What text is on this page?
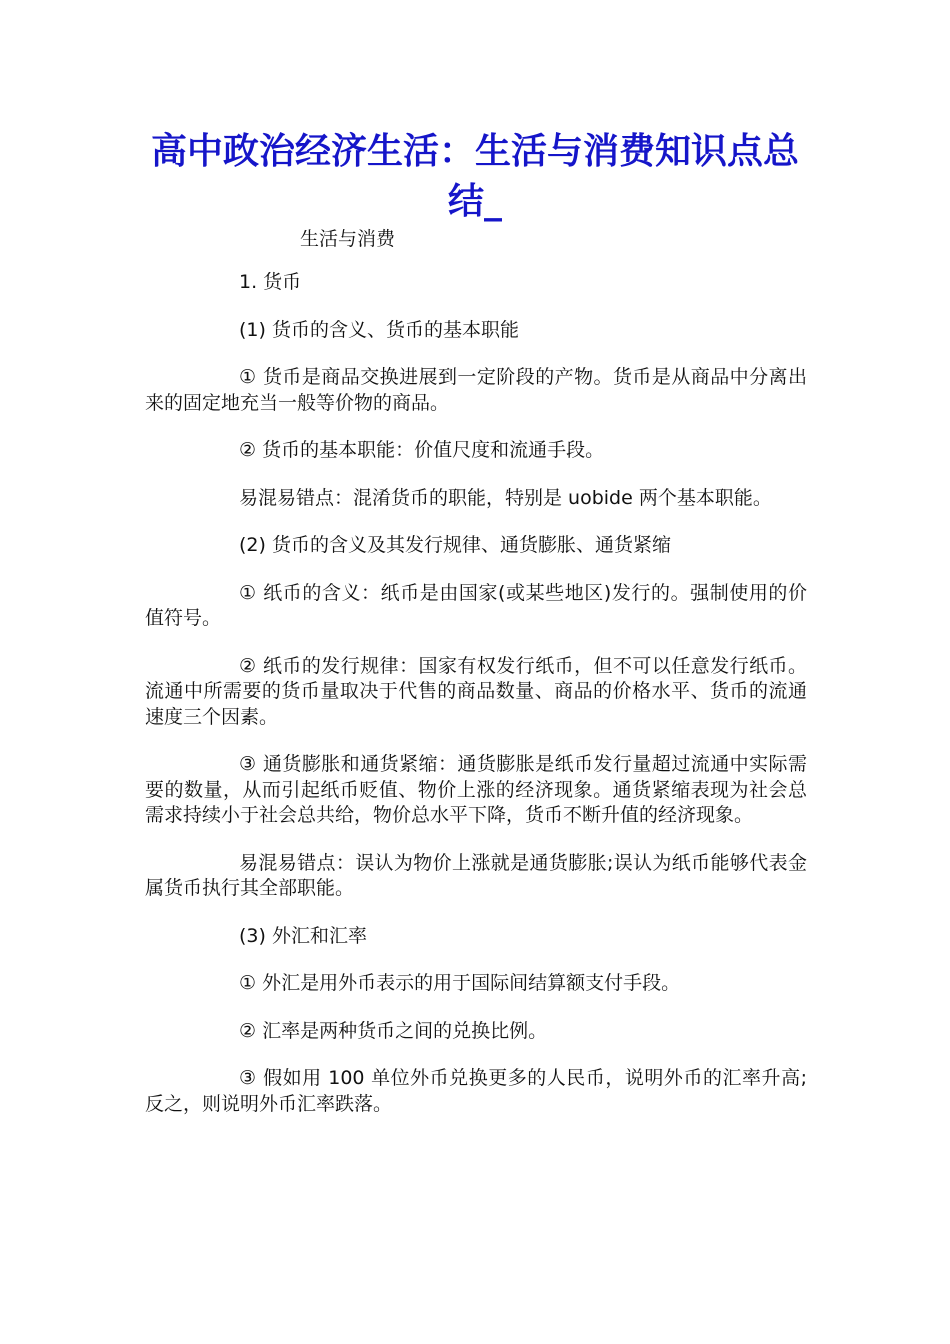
高中政治经济生活：生活与消费知识点总结_

生活与消费

1. 货币

(1) 货币的含义、货币的基本职能

① 货币是商品交换进展到一定阶段的产物。货币是从商品中分离出来的固定地充当一般等价物的商品。

② 货币的基本职能：价值尺度和流通手段。

易混易错点：混淆货币的职能，特别是 uobide 两个基本职能。

(2) 货币的含义及其发行规律、通货膨胀、通货紧缩

① 纸币的含义：纸币是由国家(或某些地区)发行的。强制使用的价值符号。

② 纸币的发行规律：国家有权发行纸币，但不可以任意发行纸币。流通中所需要的货币量取决于代售的商品数量、商品的价格水平、货币的流通速度三个因素。

③ 通货膨胀和通货紧缩：通货膨胀是纸币发行量超过流通中实际需要的数量，从而引起纸币贬值、物价上涨的经济现象。通货紧缩表现为社会总需求持续小于社会总共给，物价总水平下降，货币不断升值的经济现象。

易混易错点：误认为物价上涨就是通货膨胀;误认为纸币能够代表金属货币执行其全部职能。

(3) 外汇和汇率

① 外汇是用外币表示的用于国际间结算额支付手段。

② 汇率是两种货币之间的兑换比例。

③ 假如用 100 单位外币兑换更多的人民币，说明外币的汇率升高;反之，则说明外币汇率跌落。
